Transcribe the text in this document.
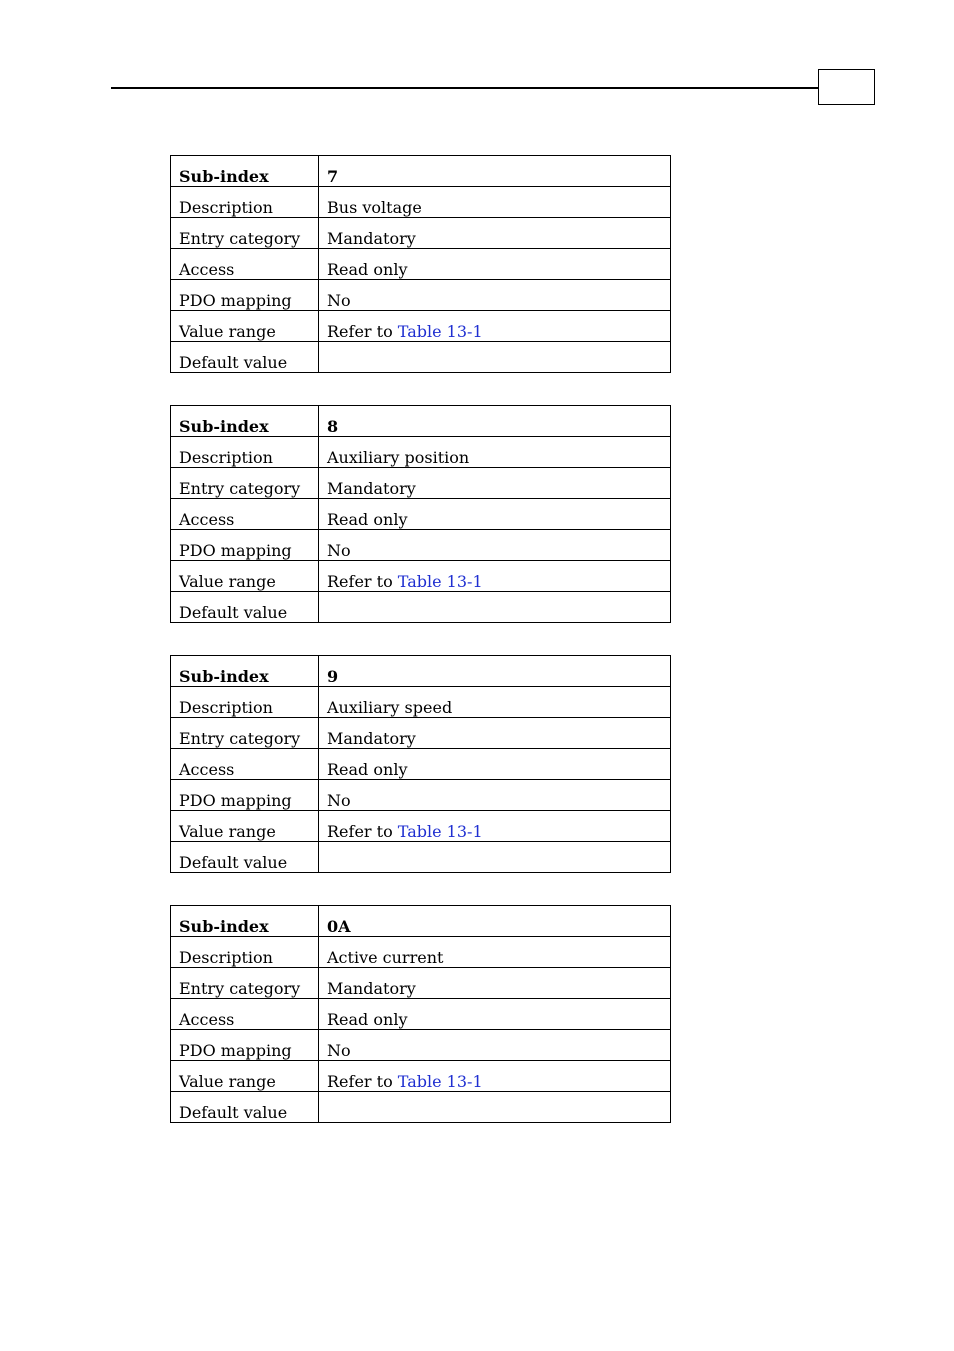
Sub-index	7
Description	Bus voltage
Entry category	Mandatory
Access	Read only
PDO mapping	No
Value range	Refer to Table 13-1
Default value	
Sub-index	8
Description	Auxiliary position
Entry category	Mandatory
Access	Read only
PDO mapping	No
Value range	Refer to Table 13-1
Default value	
Sub-index	9
Description	Auxiliary speed
Entry category	Mandatory
Access	Read only
PDO mapping	No
Value range	Refer to Table 13-1
Default value	
Sub-index	0A
Description	Active current
Entry category	Mandatory
Access	Read only
PDO mapping	No
Value range	Refer to Table 13-1
Default value	
